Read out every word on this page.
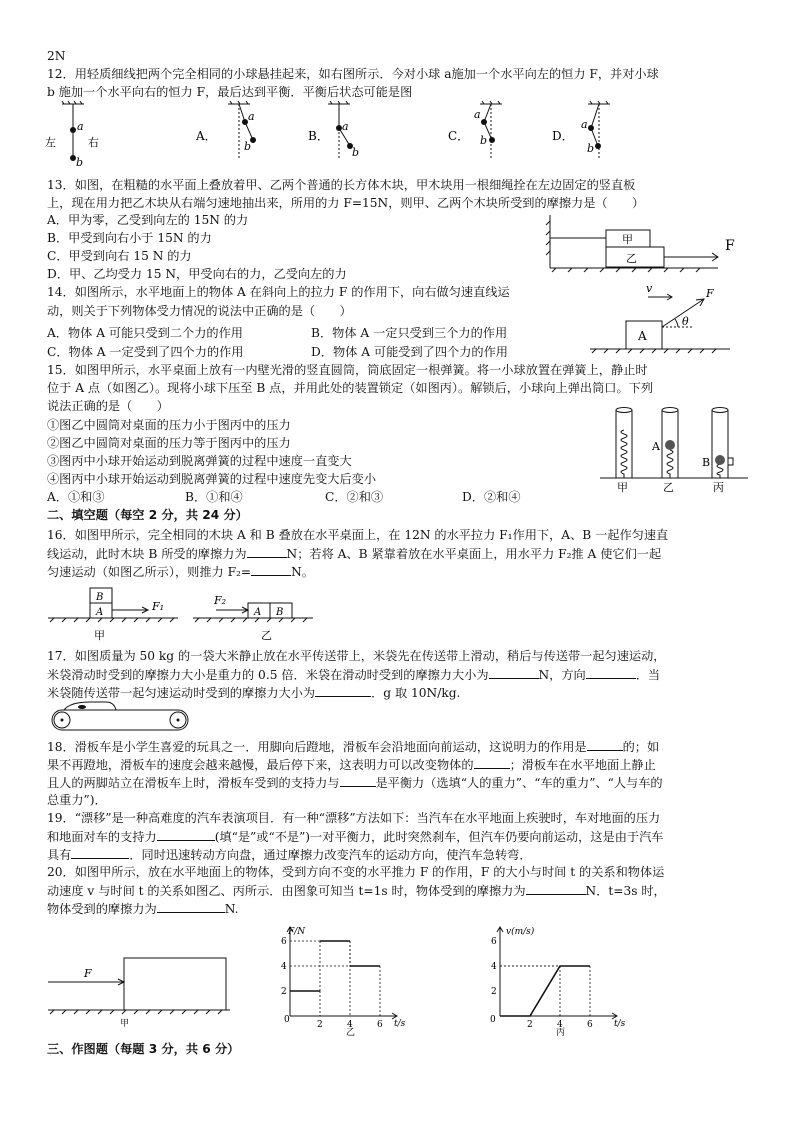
2N
12．用轻质细线把两个完全相同的小球悬挂起来，如右图所示．今对小球 a施加一个水平向左的恒力 F，并对小球
b 施加一个水平向右的恒力 F，最后达到平衡．平衡后状态可能是图
左	右
a
b
A．
a
b
B．
a
b
C．
a
b	D．
a
b
13．如图，在粗糙的水平面上叠放着甲、乙两个普通的长方体木块，甲木块用一根细绳拴在左边固定的竖直板
上，现在用力把乙木块从右端匀速地抽出来，所用的力 F=15N，则甲、乙两个木块所受到的摩擦力是（　　）
A．甲为零，乙受到向左的 15N 的力
B．甲受到向右小于 15N 的力
C．甲受到向右 15 N 的力
D．甲、乙均受力 15 N，甲受向右的力，乙受向左的力
甲
乙
F
14．如图所示，水平地面上的物体 A 在斜向上的拉力 F 的作用下，向右做匀速直线运
动，则关于下列物体受力情况的说法中正确的是（　　）
A．物体 A 可能只受到二个力的作用	B．物体 A 一定只受到三个力的作用
C．物体 A 一定受到了四个力的作用	D．物体 A 可能受到了四个力的作用
A
v	F
θ
15．如图甲所示，水平桌面上放有一内壁光滑的竖直圆筒，筒底固定一根弹簧。将一小球放置在弹簧上，静止时
位于 A 点（如图乙）。现将小球下压至 B 点，并用此处的装置锁定（如图丙）。解锁后，小球向上弹出筒口。下列
说法正确的是（　　）
①图乙中圆筒对桌面的压力小于图丙中的压力
②图乙中圆筒对桌面的压力等于图丙中的压力
③图丙中小球开始运动到脱离弹簧的过程中速度一直变大
④图丙中小球开始运动到脱离弹簧的过程中速度先变大后变小
A．①和③	B．①和④	C．②和③	D．②和④
A
B
甲	乙	丙
二、填空题（每空 2 分，共 24 分）
16．如图甲所示，完全相同的木块 A 和 B 叠放在水平桌面上，在 12N 的水平拉力 F₁作用下，A、B 一起作匀速直
线运动，此时木块 B 所受的摩擦力为	N；若将 A、B 紧靠着放在水平桌面上，用水平力 F₂推 A 使它们一起
匀速运动（如图乙所示），则推力 F₂=	N。
B
A	F₁
甲
F₂
A B
乙
17．如图质量为 50 kg 的一袋大米静止放在水平传送带上，米袋先在传送带上滑动，稍后与传送带一起匀速运动，
米袋滑动时受到的摩擦力大小是重力的 0.5 倍．米袋在滑动时受到的摩擦力大小为	N，方向	．当
米袋随传送带一起匀速运动时受到的摩擦力大小为	．g 取 10N/kg.
18．滑板车是小学生喜爱的玩具之一．用脚向后蹬地，滑板车会沿地面向前运动，这说明力的作用是	的；如
果不再蹬地，滑板车的速度会越来越慢，最后停下来，这表明力可以改变物体的	；滑板车在水平地面上静止
且人的两脚站立在滑板车上时，滑板车受到的支持力与	是平衡力（选填“人的重力”、“车的重力”、“人与车的
总重力”)．
19．“漂移”是一种高难度的汽车表演项目．有一种“漂移”方法如下：当汽车在水平地面上疾驶时，车对地面的压力
和地面对车的支持力	(填“是”或“不是”)一对平衡力，此时突然刹车，但汽车仍要向前运动，这是由于汽车
具有	．同时迅速转动方向盘，通过摩擦力改变汽车的运动方向，使汽车急转弯．
20．如图甲所示，放在水平地面上的物体，受到方向不变的水平推力 F 的作用，F 的大小与时间 t 的关系和物体运
动速度 v 与时间 t 的关系如图乙、丙所示．由图象可知当 t=1s 时，物体受到的摩擦力为	N．t=3s 时，
物体受到的摩擦力为	N.
F
甲
2
4
6
2	4	6
0
F/N
t/s
乙
2
4
6
2	4	6
0
v(m/s)
t/s
丙
三、作图题（每题 3 分，共 6 分）
